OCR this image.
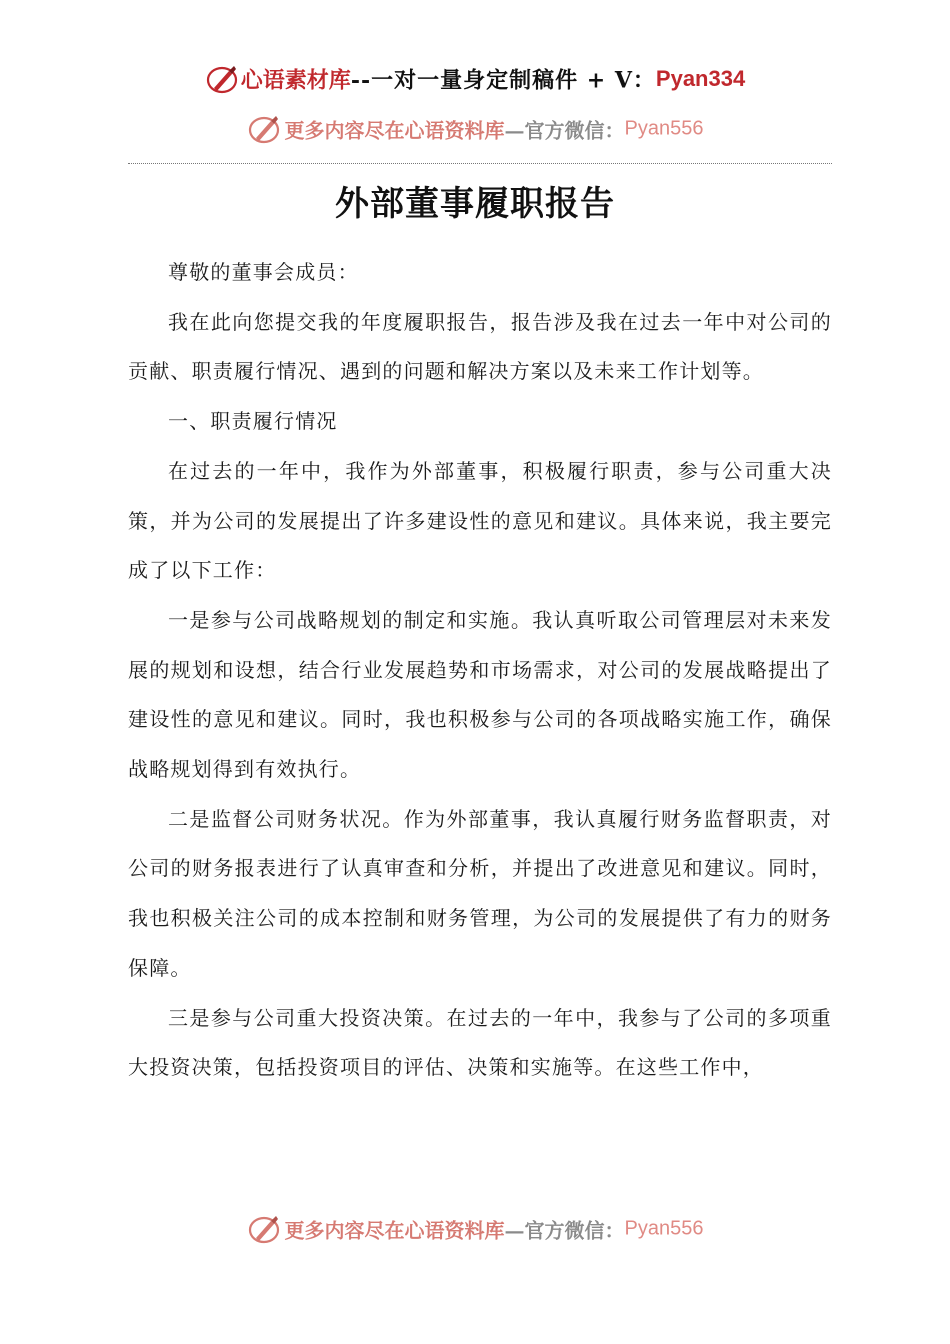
心语素材库--一对一量身定制稿件 + V：Pyan334
更多内容尽在心语资料库—官方微信：Pyan556
外部董事履职报告

尊敬的董事会成员：

我在此向您提交我的年度履职报告，报告涉及我在过去一年中对公司的贡献、职责履行情况、遇到的问题和解决方案以及未来工作计划等。

一、职责履行情况

在过去的一年中，我作为外部董事，积极履行职责，参与公司重大决策，并为公司的发展提出了许多建设性的意见和建议。具体来说，我主要完成了以下工作：

一是参与公司战略规划的制定和实施。我认真听取公司管理层对未来发展的规划和设想，结合行业发展趋势和市场需求，对公司的发展战略提出了建设性的意见和建议。同时，我也积极参与公司的各项战略实施工作，确保战略规划得到有效执行。

二是监督公司财务状况。作为外部董事，我认真履行财务监督职责，对公司的财务报表进行了认真审查和分析，并提出了改进意见和建议。同时，我也积极关注公司的成本控制和财务管理，为公司的发展提供了有力的财务保障。

三是参与公司重大投资决策。在过去的一年中，我参与了公司的多项重大投资决策，包括投资项目的评估、决策和实施等。在这些工作中，

更多内容尽在心语资料库—官方微信：Pyan556
